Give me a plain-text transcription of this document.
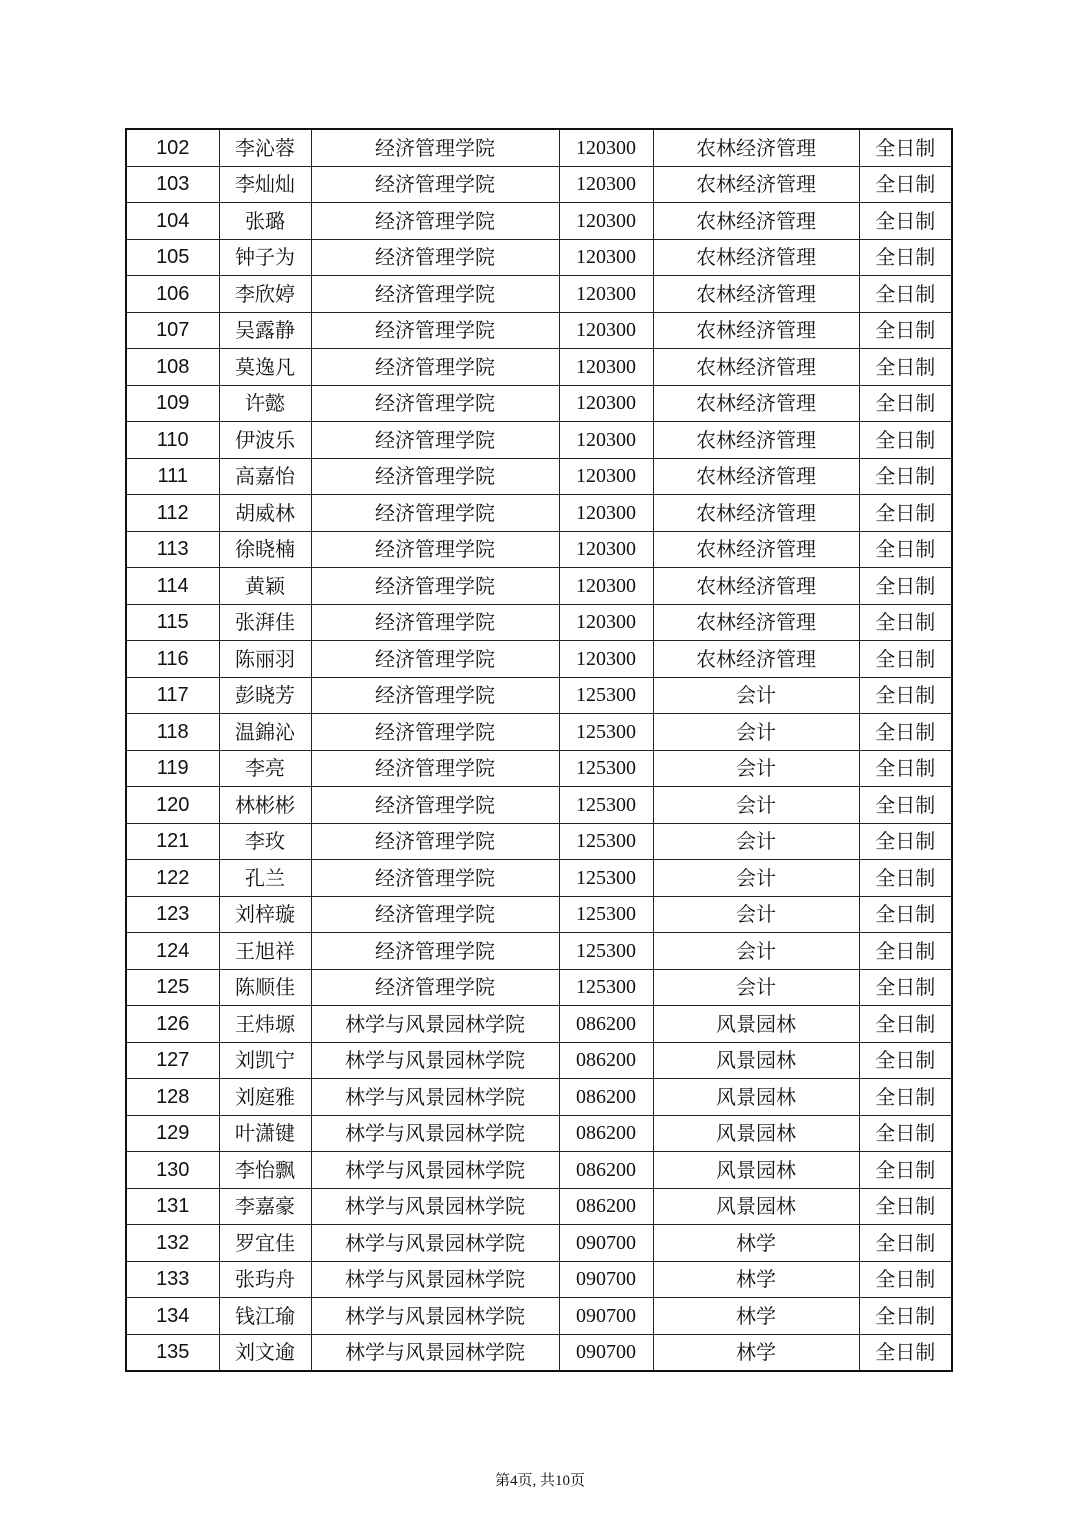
102	李沁蓉	经济管理学院	120300	农林经济管理	全日制
103	李灿灿	经济管理学院	120300	农林经济管理	全日制
104	张璐	经济管理学院	120300	农林经济管理	全日制
105	钟子为	经济管理学院	120300	农林经济管理	全日制
106	李欣婷	经济管理学院	120300	农林经济管理	全日制
107	吴露静	经济管理学院	120300	农林经济管理	全日制
108	莫逸凡	经济管理学院	120300	农林经济管理	全日制
109	许懿	经济管理学院	120300	农林经济管理	全日制
110	伊波乐	经济管理学院	120300	农林经济管理	全日制
111	高嘉怡	经济管理学院	120300	农林经济管理	全日制
112	胡威林	经济管理学院	120300	农林经济管理	全日制
113	徐晓楠	经济管理学院	120300	农林经济管理	全日制
114	黄颖	经济管理学院	120300	农林经济管理	全日制
115	张湃佳	经济管理学院	120300	农林经济管理	全日制
116	陈丽羽	经济管理学院	120300	农林经济管理	全日制
117	彭晓芳	经济管理学院	125300	会计	全日制
118	温錦沁	经济管理学院	125300	会计	全日制
119	李亮	经济管理学院	125300	会计	全日制
120	林彬彬	经济管理学院	125300	会计	全日制
121	李玫	经济管理学院	125300	会计	全日制
122	孔兰	经济管理学院	125300	会计	全日制
123	刘梓璇	经济管理学院	125300	会计	全日制
124	王旭祥	经济管理学院	125300	会计	全日制
125	陈顺佳	经济管理学院	125300	会计	全日制
126	王炜塬	林学与风景园林学院	086200	风景园林	全日制
127	刘凯宁	林学与风景园林学院	086200	风景园林	全日制
128	刘庭雅	林学与风景园林学院	086200	风景园林	全日制
129	叶潇键	林学与风景园林学院	086200	风景园林	全日制
130	李怡飘	林学与风景园林学院	086200	风景园林	全日制
131	李嘉豪	林学与风景园林学院	086200	风景园林	全日制
132	罗宜佳	林学与风景园林学院	090700	林学	全日制
133	张玙舟	林学与风景园林学院	090700	林学	全日制
134	钱江瑜	林学与风景园林学院	090700	林学	全日制
135	刘文逾	林学与风景园林学院	090700	林学	全日制
第4页, 共10页
